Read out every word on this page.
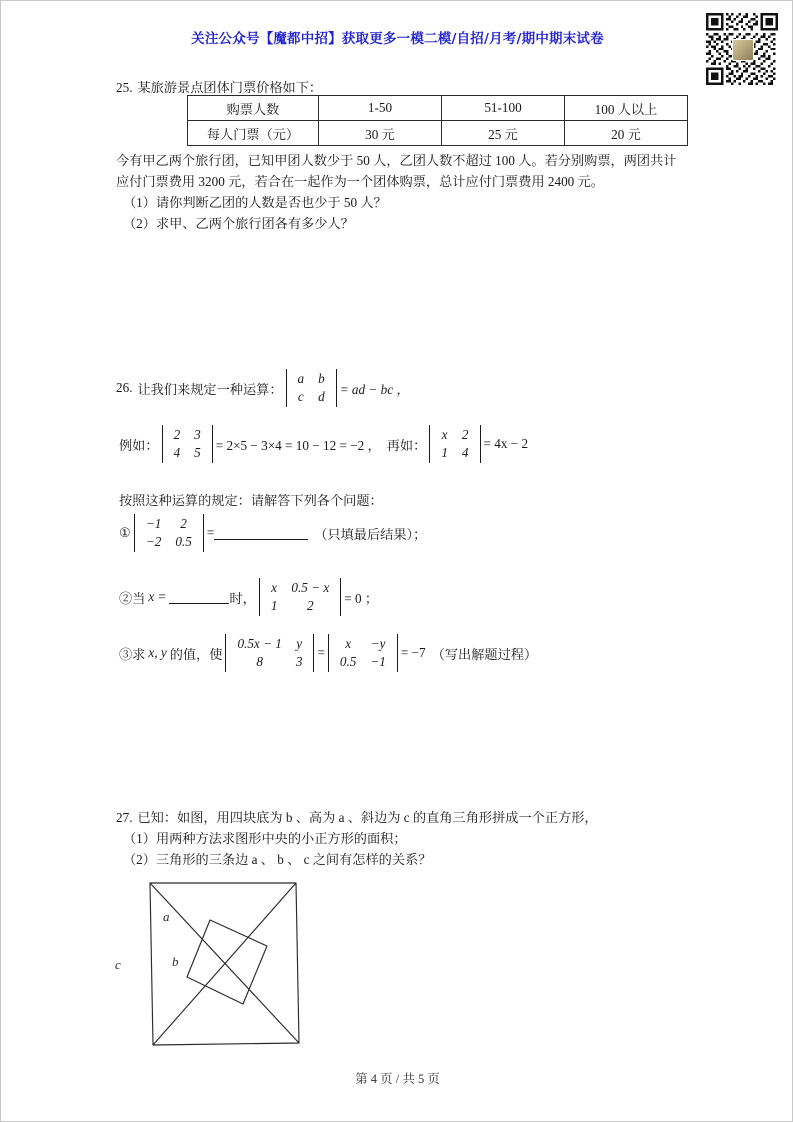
关注公众号【魔都中招】获取更多一模二模/自招/月考/期中期末试卷
25. 某旅游景点团体门票价格如下：
购票人数	1-50	51-100	100 人以上
每人门票（元）	30 元	25 元	20 元
今有甲乙两个旅行团，已知甲团人数少于 50 人，乙团人数不超过 100 人。若分别购票，两团共计
应付门票费用 3200 元，若合在一起作为一个团体购票，总计应付门票费用 2400 元。
（1）请你判断乙团的人数是否也少于 50 人？
（2）求甲、乙两个旅行团各有多少人？
26. 让我们来规定一种运算：
a	b
c	d = ad − bc ，
例如：
2	3
4	5 = 2×5 − 3×4 = 10 − 12 = −2 ， 再如：
x	2
1	4
= 4x − 2
按照这种运算的规定：请解答下列各个问题：
①
−1	2
−2	0.5
=	（只填最后结果）；
②当 x =	时，
x	0.5 − x
1	2 = 0 ；
③求 x, y 的值，使
0.5x − 1	y
8	3
=
x	−y
0.5	−1
= −7 （写出解题过程）
27. 已知：如图，用四块底为 b 、高为 a 、斜边为 c 的直角三角形拼成一个正方形，
（1）用两种方法求图形中央的小正方形的面积；
（2）三角形的三条边 a 、 b 、 c 之间有怎样的关系？
a
b
c
第 4 页 / 共 5 页
